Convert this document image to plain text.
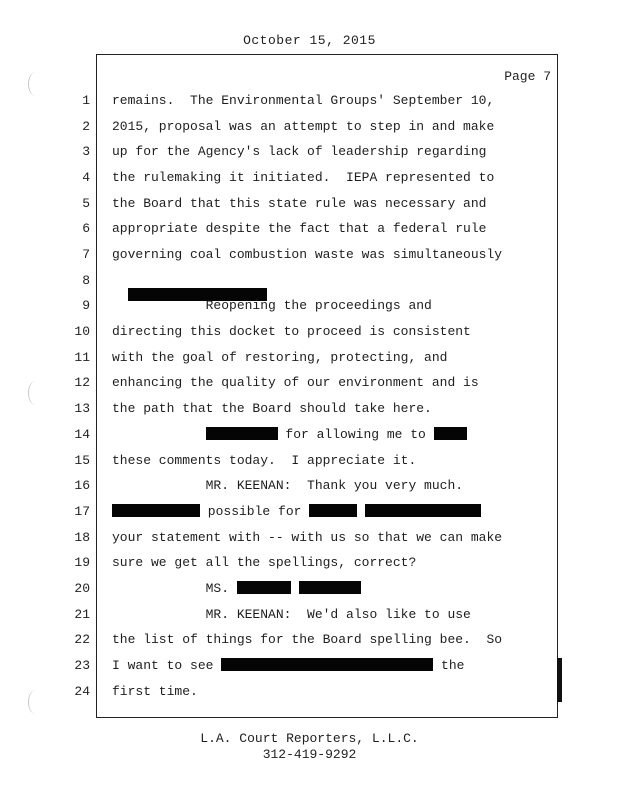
October 15, 2015
Page 7
1
2
3
4
5
6
7
8
9
10
11
12
13
14
15
16
17
18
19
20
21
22
23
24
remains.  The Environmental Groups' September 10,
2015, proposal was an attempt to step in and make
up for the Agency's lack of leadership regarding
the rulemaking it initiated.  IEPA represented to
the Board that this state rule was necessary and
appropriate despite the fact that a federal rule
governing coal combustion waste was simultaneously

Reopening the proceedings and
directing this docket to proceed is consistent
with the goal of restoring, protecting, and
enhancing the quality of our environment and is
the path that the Board should take here.
for allowing me to
these comments today.  I appreciate it.
MR. KEENAN:  Thank you very much.
possible for
your statement with -- with us so that we can make
sure we get all the spellings, correct?
MS.
MR. KEENAN:  We'd also like to use
the list of things for the Board spelling bee.  So
I want to see	the
first time.
L.A. Court Reporters, L.L.C.
312-419-9292
